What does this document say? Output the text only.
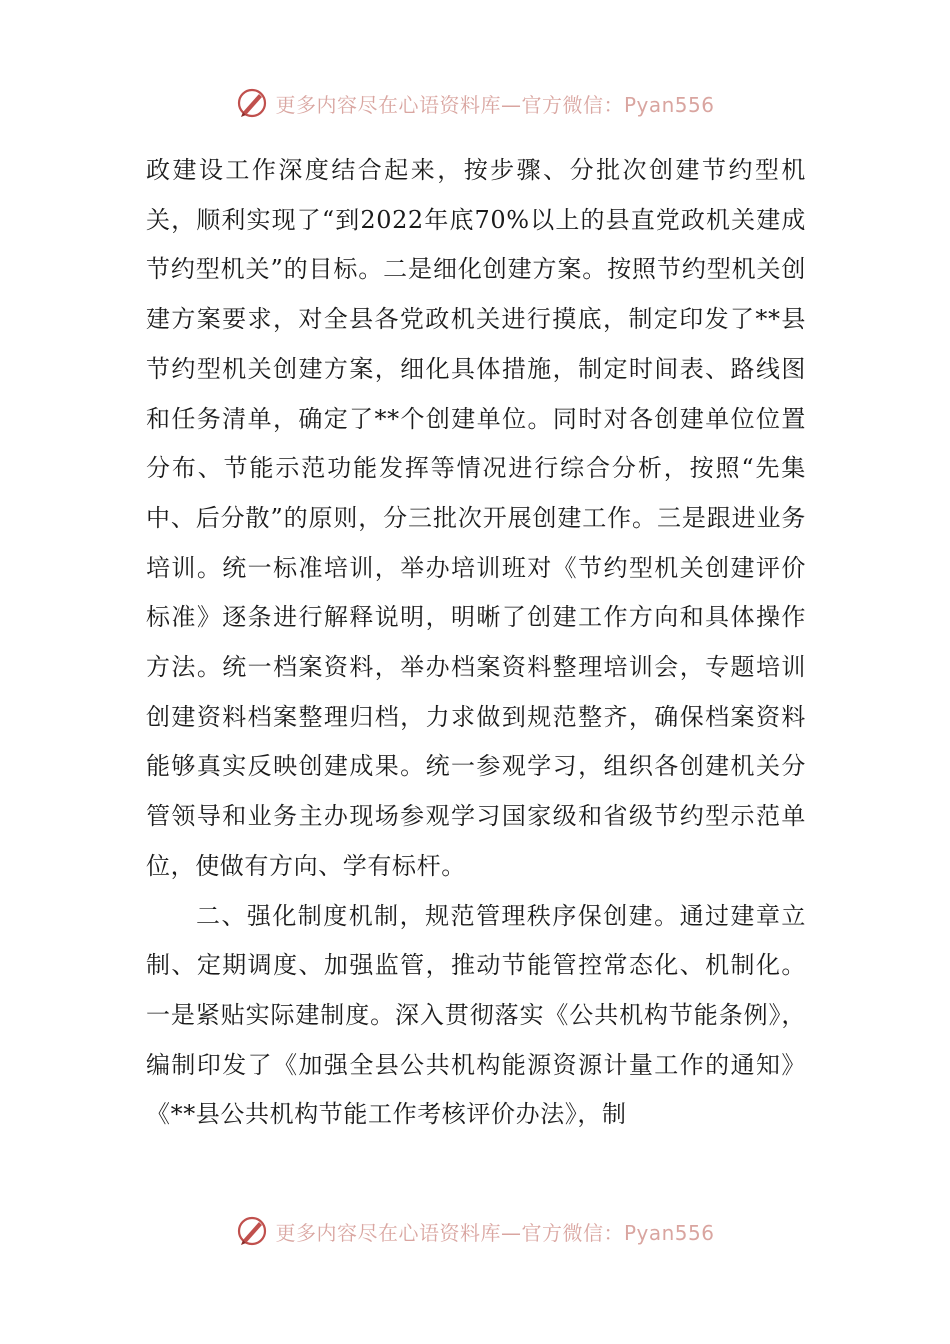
更多内容尽在心语资料库—官方微信：Pyan556

政建设工作深度结合起来，按步骤、分批次创建节约型机关，顺利实现了“到2022年底70%以上的县直党政机关建成节约型机关”的目标。二是细化创建方案。按照节约型机关创建方案要求，对全县各党政机关进行摸底，制定印发了**县节约型机关创建方案，细化具体措施，制定时间表、路线图和任务清单，确定了**个创建单位。同时对各创建单位位置分布、节能示范功能发挥等情况进行综合分析，按照“先集中、后分散”的原则，分三批次开展创建工作。三是跟进业务培训。统一标准培训，举办培训班对《节约型机关创建评价标准》逐条进行解释说明，明晰了创建工作方向和具体操作方法。统一档案资料，举办档案资料整理培训会，专题培训创建资料档案整理归档，力求做到规范整齐，确保档案资料能够真实反映创建成果。统一参观学习，组织各创建机关分管领导和业务主办现场参观学习国家级和省级节约型示范单位，使做有方向、学有标杆。

二、强化制度机制，规范管理秩序保创建。通过建章立制、定期调度、加强监管，推动节能管控常态化、机制化。一是紧贴实际建制度。深入贯彻落实《公共机构节能条例》，编制印发了《加强全县公共机构能源资源计量工作的通知》《**县公共机构节能工作考核评价办法》，制

更多内容尽在心语资料库—官方微信：Pyan556
